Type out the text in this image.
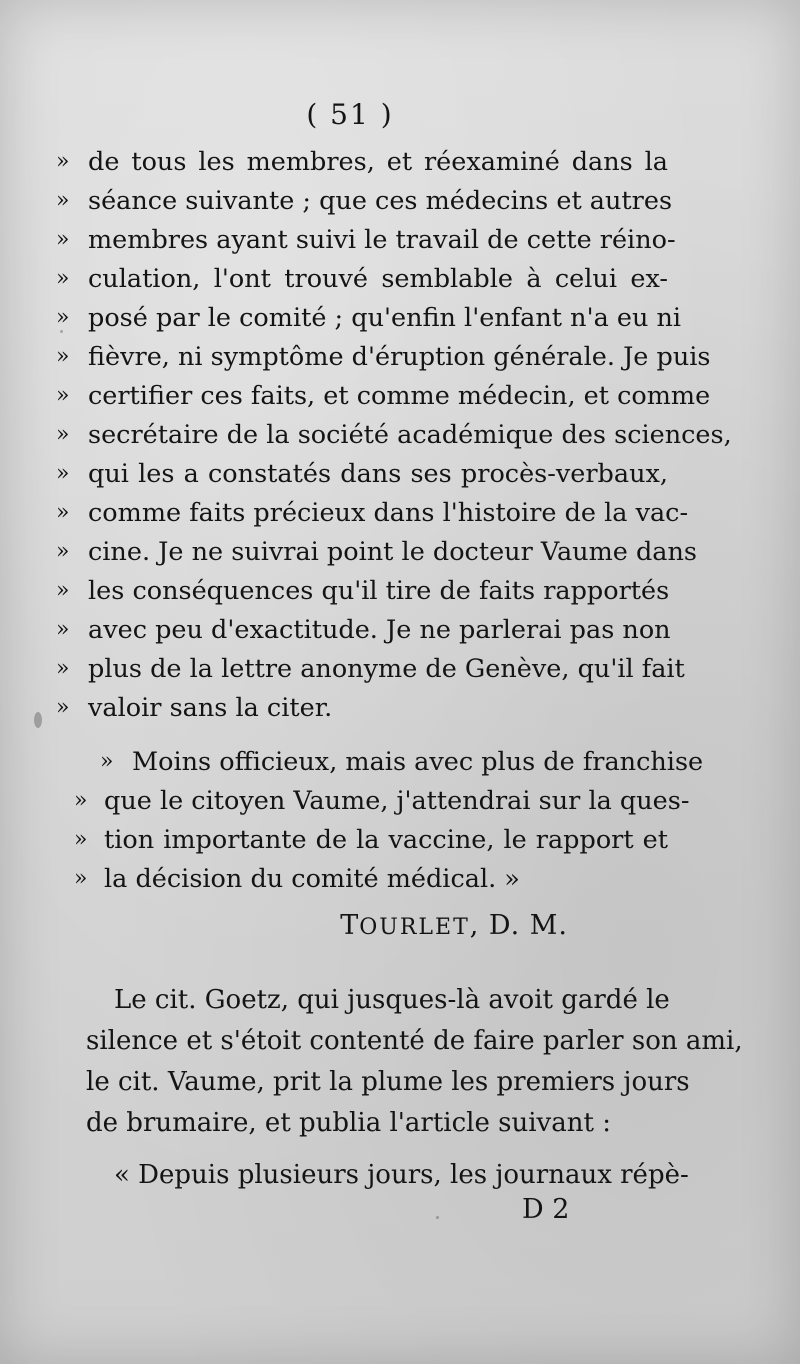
( 51 )
» de tous les membres, et réexaminé dans la
» séance suivante ; que ces médecins et autres
» membres ayant suivi le travail de cette réino-
» culation, l'ont trouvé semblable à celui ex-
» posé par le comité ; qu'enfin l'enfant n'a eu ni
» fièvre, ni symptôme d'éruption générale. Je puis
» certifier ces faits, et comme médecin, et comme
» secrétaire de la société académique des sciences,
» qui les a constatés dans ses procès-verbaux,
» comme faits précieux dans l'histoire de la vac-
» cine. Je ne suivrai point le docteur Vaume dans
» les conséquences qu'il tire de faits rapportés
» avec peu d'exactitude. Je ne parlerai pas non
» plus de la lettre anonyme de Genève, qu'il fait
» valoir sans la citer.
» Moins officieux, mais avec plus de franchise
» que le citoyen Vaume, j'attendrai sur la ques-
» tion importante de la vaccine, le rapport et
» la décision du comité médical. »
TOURLET, D. M.
Le cit. Goetz, qui jusques-là avoit gardé le
silence et s'étoit contenté de faire parler son ami,
le cit. Vaume, prit la plume les premiers jours
de brumaire, et publia l'article suivant :
« Depuis plusieurs jours, les journaux répè-
D 2
